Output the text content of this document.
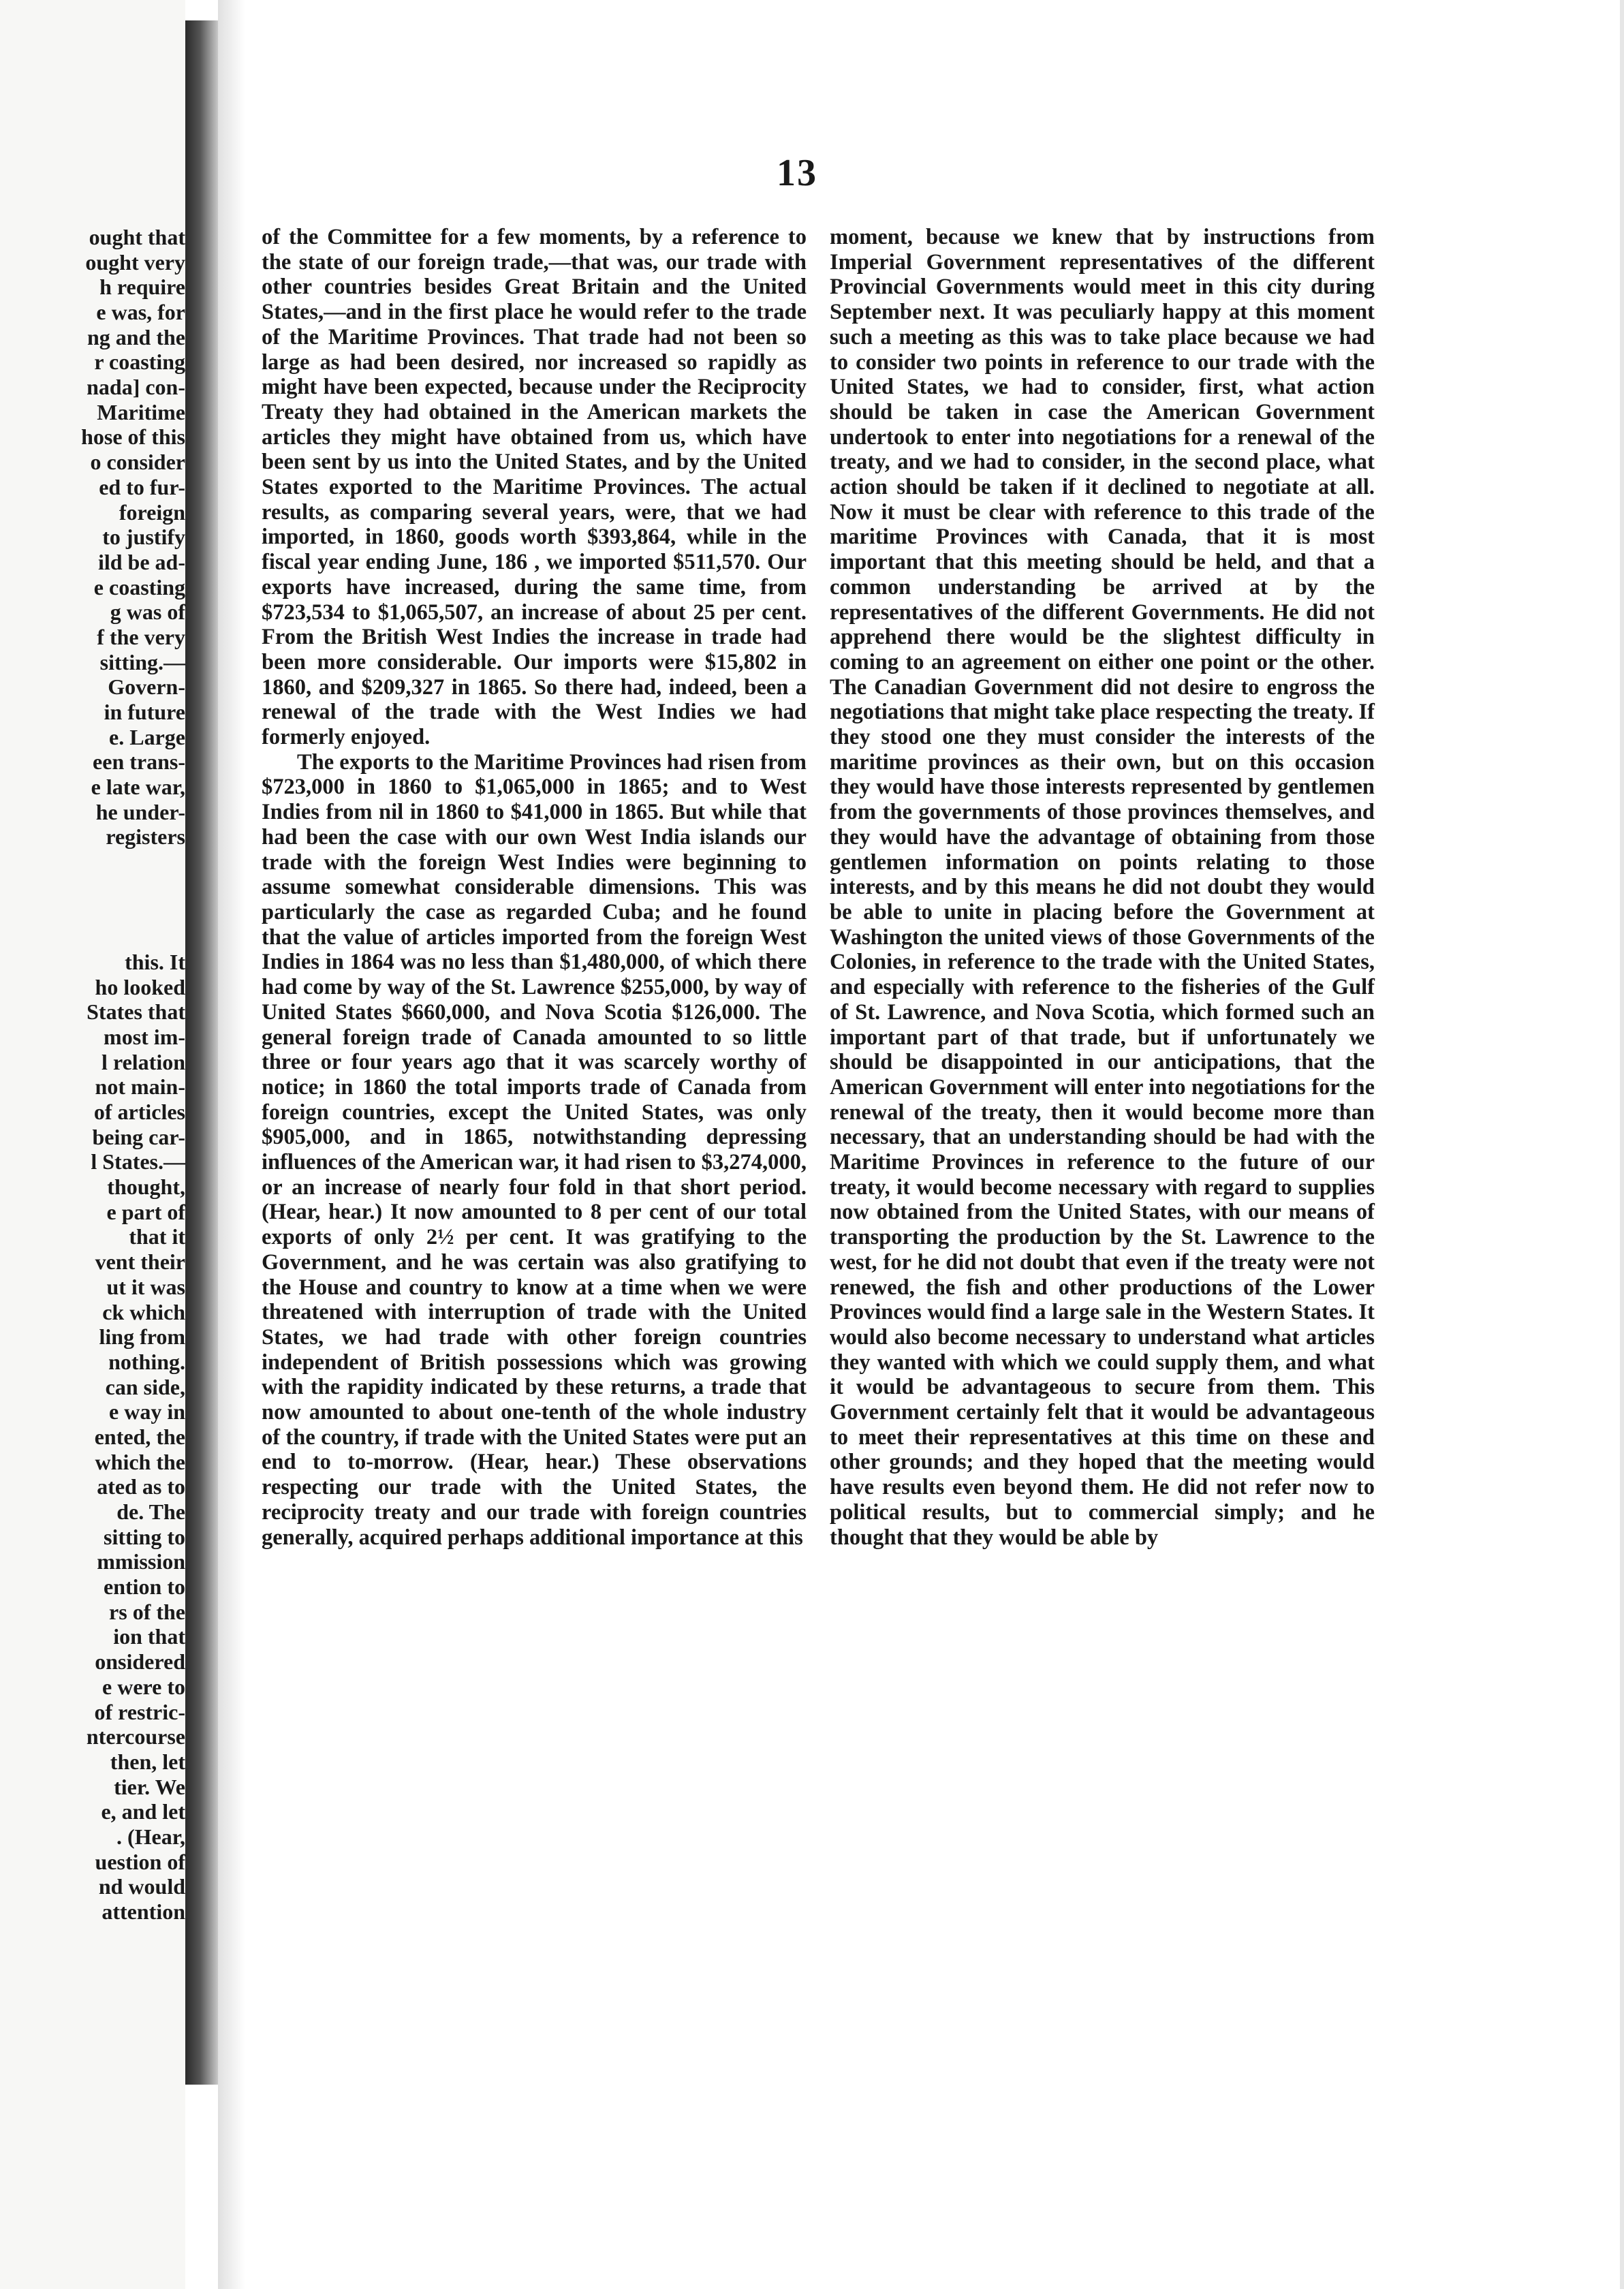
ought that
ought very
h require
e was, for
ng and the
r coasting
nada] con-
Maritime
hose of this
o consider
ed to fur-
foreign
to justify
ild be ad-
e coasting
g was of
f the very
sitting.—
Govern-
in future
e. Large
een trans-
e late war,
he under-
registers
this. It
ho looked
States that
most im-
l relation
not main-
of articles
being car-
l States.—
thought,
e part of
that it
vent their
ut it was
ck which
ling from
nothing.
can side,
e way in
ented, the
which the
ated as to
de. The
sitting to
mmission
ention to
rs of the
ion that
onsidered
e were to
of restric-
ntercourse
then, let
tier. We
e, and let
. (Hear,
uestion of
nd would
attention
13

of the Committee for a few moments, by a reference to the state of our foreign trade,—that was, our trade with other countries besides Great Britain and the United States,—and in the first place he would refer to the trade of the Maritime Provinces. That trade had not been so large as had been desired, nor increased so rapidly as might have been expected, because under the Reciprocity Treaty they had obtained in the American markets the articles they might have obtained from us, which have been sent by us into the United States, and by the United States exported to the Maritime Provinces. The actual results, as comparing several years, were, that we had imported, in 1860, goods worth $393,864, while in the fiscal year ending June, 186 , we imported $511,570. Our exports have increased, during the same time, from $723,534 to $1,065,507, an increase of about 25 per cent. From the British West Indies the increase in trade had been more considerable. Our imports were $15,802 in 1860, and $209,327 in 1865. So there had, indeed, been a renewal of the trade with the West Indies we had formerly enjoyed.

The exports to the Maritime Provinces had risen from $723,000 in 1860 to $1,065,000 in 1865; and to West Indies from nil in 1860 to $41,000 in 1865. But while that had been the case with our own West India islands our trade with the foreign West Indies were beginning to assume somewhat considerable dimensions. This was particularly the case as regarded Cuba; and he found that the value of articles imported from the foreign West Indies in 1864 was no less than $1,480,000, of which there had come by way of the St. Lawrence $255,000, by way of United States $660,000, and Nova Scotia $126,000. The general foreign trade of Canada amounted to so little three or four years ago that it was scarcely worthy of notice; in 1860 the total imports trade of Canada from foreign countries, except the United States, was only $905,000, and in 1865, notwithstanding depressing influences of the American war, it had risen to $3,274,000, or an increase of nearly four fold in that short period. (Hear, hear.) It now amounted to 8 per cent of our total exports of only 2½ per cent. It was gratifying to the Government, and he was certain was also gratifying to the House and country to know at a time when we were threatened with interruption of trade with the United States, we had trade with other foreign countries independent of British possessions which was growing with the rapidity indicated by these returns, a trade that now amounted to about one-tenth of the whole industry of the country, if trade with the United States were put an end to to-morrow. (Hear, hear.) These observations respecting our trade with the United States, the reciprocity treaty and our trade with foreign countries generally, acquired perhaps additional importance at this

moment, because we knew that by instructions from Imperial Government representatives of the different Provincial Governments would meet in this city during September next. It was peculiarly happy at this moment such a meeting as this was to take place because we had to consider two points in reference to our trade with the United States, we had to consider, first, what action should be taken in case the American Government undertook to enter into negotiations for a renewal of the treaty, and we had to consider, in the second place, what action should be taken if it declined to negotiate at all. Now it must be clear with reference to this trade of the maritime Provinces with Canada, that it is most important that this meeting should be held, and that a common understanding be arrived at by the representatives of the different Governments. He did not apprehend there would be the slightest difficulty in coming to an agreement on either one point or the other. The Canadian Government did not desire to engross the negotiations that might take place respecting the treaty. If they stood one they must consider the interests of the maritime provinces as their own, but on this occasion they would have those interests represented by gentlemen from the governments of those provinces themselves, and they would have the advantage of obtaining from those gentlemen information on points relating to those interests, and by this means he did not doubt they would be able to unite in placing before the Government at Washington the united views of those Governments of the Colonies, in reference to the trade with the United States, and especially with reference to the fisheries of the Gulf of St. Lawrence, and Nova Scotia, which formed such an important part of that trade, but if unfortunately we should be disappointed in our anticipations, that the American Government will enter into negotiations for the renewal of the treaty, then it would become more than necessary, that an understanding should be had with the Maritime Provinces in reference to the future of our treaty, it would become necessary with regard to supplies now obtained from the United States, with our means of transporting the production by the St. Lawrence to the west, for he did not doubt that even if the treaty were not renewed, the fish and other productions of the Lower Provinces would find a large sale in the Western States. It would also become necessary to understand what articles they wanted with which we could supply them, and what it would be advantageous to secure from them. This Government certainly felt that it would be advantageous to meet their representatives at this time on these and other grounds; and they hoped that the meeting would have results even beyond them. He did not refer now to political results, but to commercial simply; and he thought that they would be able by
